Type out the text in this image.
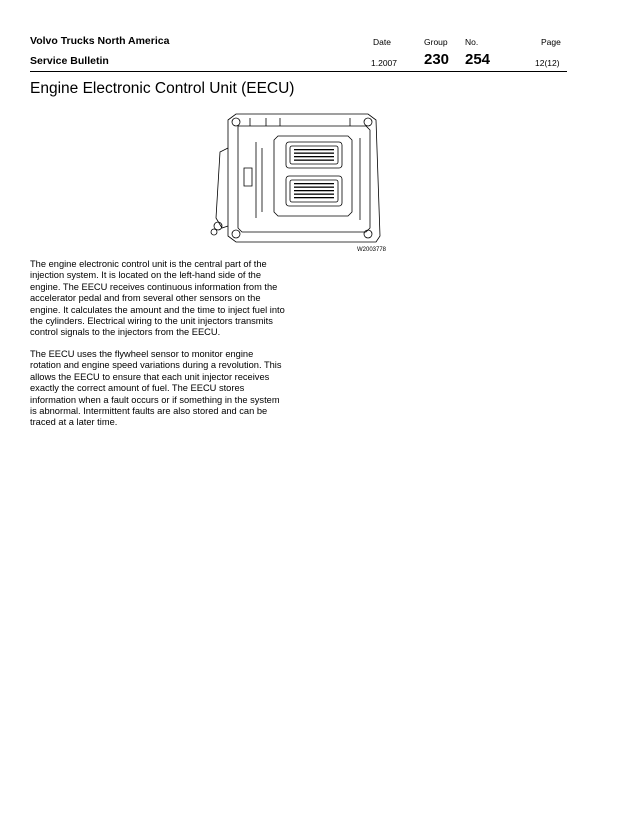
Volvo Trucks North America
Service Bulletin
Date
1.2007
Group
230
No.
254
Page
12(12)
Engine Electronic Control Unit (EECU)
W2003778

The engine electronic control unit is the central part of the injection system. It is located on the left-hand side of the engine. The EECU receives continuous information from the accelerator pedal and from several other sensors on the engine. It calculates the amount and the time to inject fuel into the cylinders. Electrical wiring to the unit injectors transmits control signals to the injectors from the EECU.

The EECU uses the flywheel sensor to monitor engine rotation and engine speed variations during a revolution. This allows the EECU to ensure that each unit injector receives exactly the correct amount of fuel. The EECU stores information when a fault occurs or if something in the system is abnormal. Intermittent faults are also stored and can be traced at a later time.
